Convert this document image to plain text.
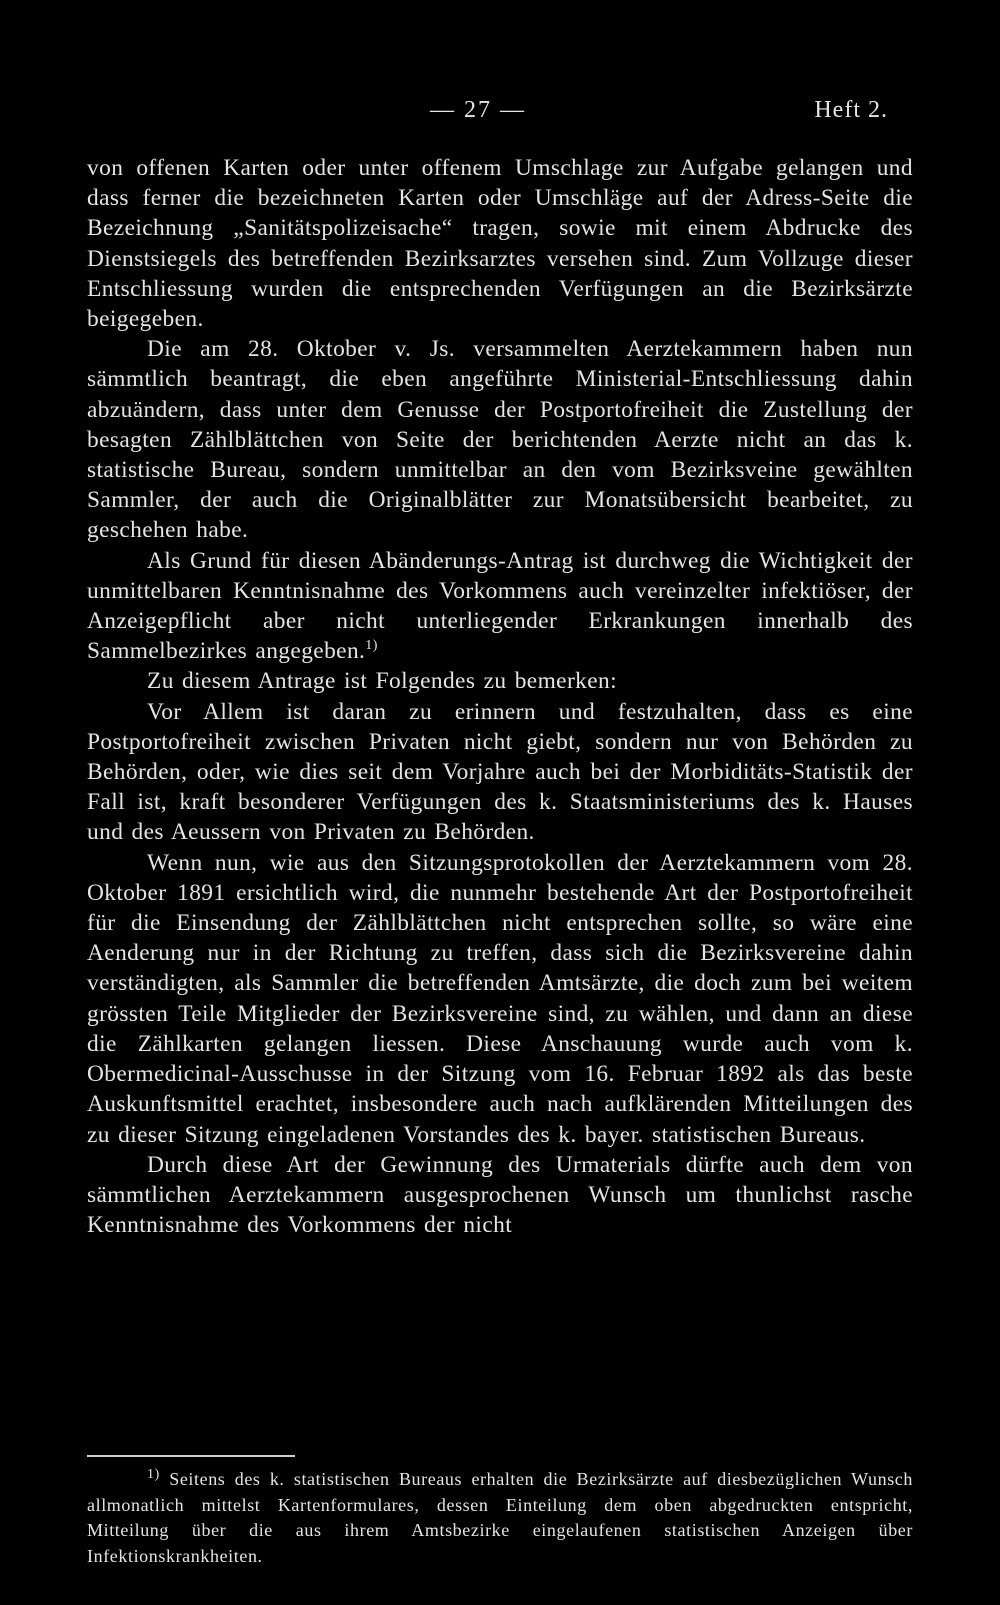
— 27 —	Heft 2.

von offenen Karten oder unter offenem Umschlage zur Aufgabe gelangen und dass ferner die bezeichneten Karten oder Umschläge auf der Adress-Seite die Bezeichnung „Sanitätspolizeisache“ tragen, sowie mit einem Abdrucke des Dienstsiegels des betreffenden Bezirksarztes versehen sind. Zum Vollzuge dieser Entschliessung wurden die entsprechenden Verfügungen an die Bezirksärzte beigegeben.

Die am 28. Oktober v. Js. versammelten Aerztekammern haben nun sämmtlich beantragt, die eben angeführte Ministerial-Entschliessung dahin abzuändern, dass unter dem Genusse der Postportofreiheit die Zustellung der besagten Zählblättchen von Seite der berichtenden Aerzte nicht an das k. statistische Bureau, sondern unmittelbar an den vom Bezirksveine gewählten Sammler, der auch die Originalblätter zur Monatsübersicht bearbeitet, zu geschehen habe.

Als Grund für diesen Abänderungs-Antrag ist durchweg die Wichtigkeit der unmittelbaren Kenntnisnahme des Vorkommens auch vereinzelter infektiöser, der Anzeigepflicht aber nicht unterliegender Erkrankungen innerhalb des Sammelbezirkes angegeben.$^{1)}$

Zu diesem Antrage ist Folgendes zu bemerken:

Vor Allem ist daran zu erinnern und festzuhalten, dass es eine Postportofreiheit zwischen Privaten nicht giebt, sondern nur von Behörden zu Behörden, oder, wie dies seit dem Vorjahre auch bei der Morbiditäts-Statistik der Fall ist, kraft besonderer Verfügungen des k. Staatsministeriums des k. Hauses und des Aeussern von Privaten zu Behörden.

Wenn nun, wie aus den Sitzungsprotokollen der Aerztekammern vom 28. Oktober 1891 ersichtlich wird, die nunmehr bestehende Art der Postportofreiheit für die Einsendung der Zählblättchen nicht entsprechen sollte, so wäre eine Aenderung nur in der Richtung zu treffen, dass sich die Bezirksvereine dahin verständigten, als Sammler die betreffenden Amtsärzte, die doch zum bei weitem grössten Teile Mitglieder der Bezirksvereine sind, zu wählen, und dann an diese die Zählkarten gelangen liessen. Diese Anschauung wurde auch vom k. Obermedicinal-Ausschusse in der Sitzung vom 16. Februar 1892 als das beste Auskunftsmittel erachtet, insbesondere auch nach aufklärenden Mitteilungen des zu dieser Sitzung eingeladenen Vorstandes des k. bayer. statistischen Bureaus.

Durch diese Art der Gewinnung des Urmaterials dürfte auch dem von sämmtlichen Aerztekammern ausgesprochenen Wunsch um thunlichst rasche Kenntnisnahme des Vorkommens der nicht

$^{1)}$ Seitens des k. statistischen Bureaus erhalten die Bezirksärzte auf diesbezüglichen Wunsch allmonatlich mittelst Kartenformulares, dessen Einteilung dem oben abgedruckten entspricht, Mitteilung über die aus ihrem Amtsbezirke eingelaufenen statistischen Anzeigen über Infektionskrankheiten.
